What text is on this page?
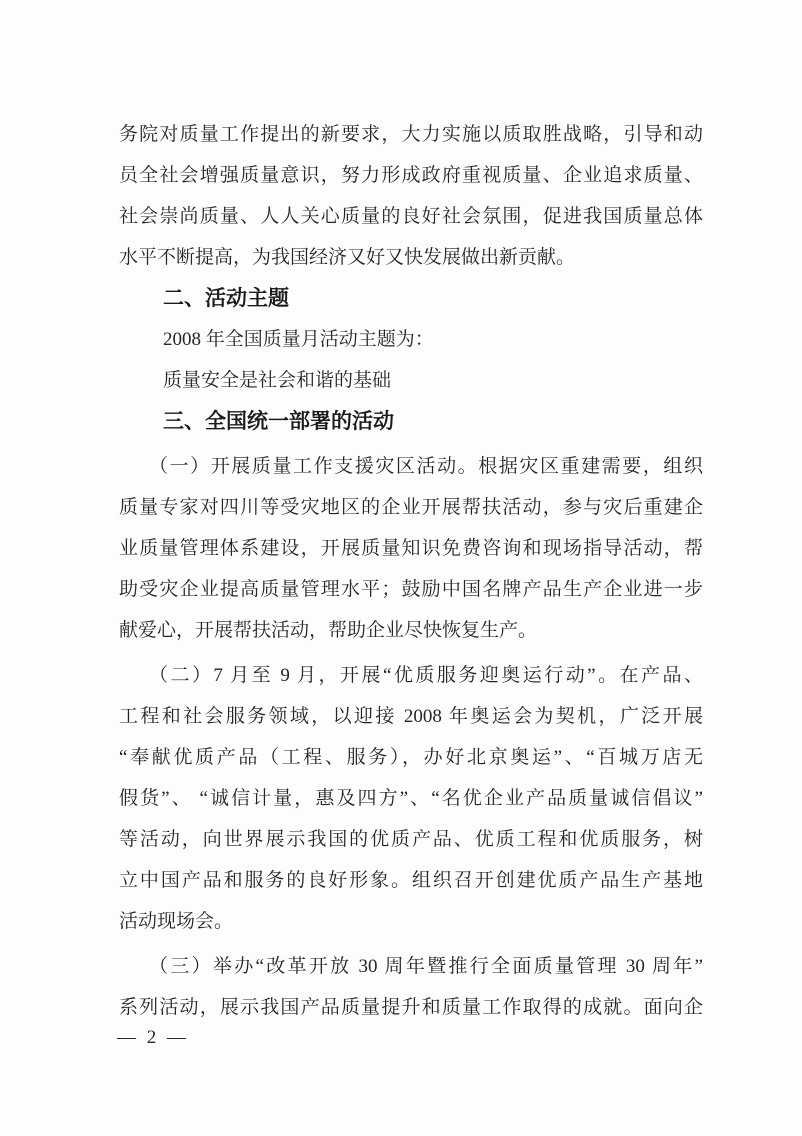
务院对质量工作提出的新要求，大力实施以质取胜战略，引导和动
员全社会增强质量意识，努力形成政府重视质量、企业追求质量、
社会崇尚质量、人人关心质量的良好社会氛围，促进我国质量总体
水平不断提高，为我国经济又好又快发展做出新贡献。
二、活动主题
2008 年全国质量月活动主题为：
质量安全是社会和谐的基础
三、全国统一部署的活动
（一）开展质量工作支援灾区活动。根据灾区重建需要，组织
质量专家对四川等受灾地区的企业开展帮扶活动，参与灾后重建企
业质量管理体系建设，开展质量知识免费咨询和现场指导活动，帮
助受灾企业提高质量管理水平；鼓励中国名牌产品生产企业进一步
献爱心，开展帮扶活动，帮助企业尽快恢复生产。
（二）7 月至 9 月，开展“优质服务迎奥运行动”。在产品、
工程和社会服务领域，以迎接 2008 年奥运会为契机，广泛开展
“奉献优质产品（工程、服务），办好北京奥运”、“百城万店无
假货”、 “诚信计量，惠及四方”、“名优企业产品质量诚信倡议”
等活动，向世界展示我国的优质产品、优质工程和优质服务，树
立中国产品和服务的良好形象。组织召开创建优质产品生产基地
活动现场会。
（三）举办“改革开放 30 周年暨推行全面质量管理 30 周年”
系列活动，展示我国产品质量提升和质量工作取得的成就。面向企
— 2 —
